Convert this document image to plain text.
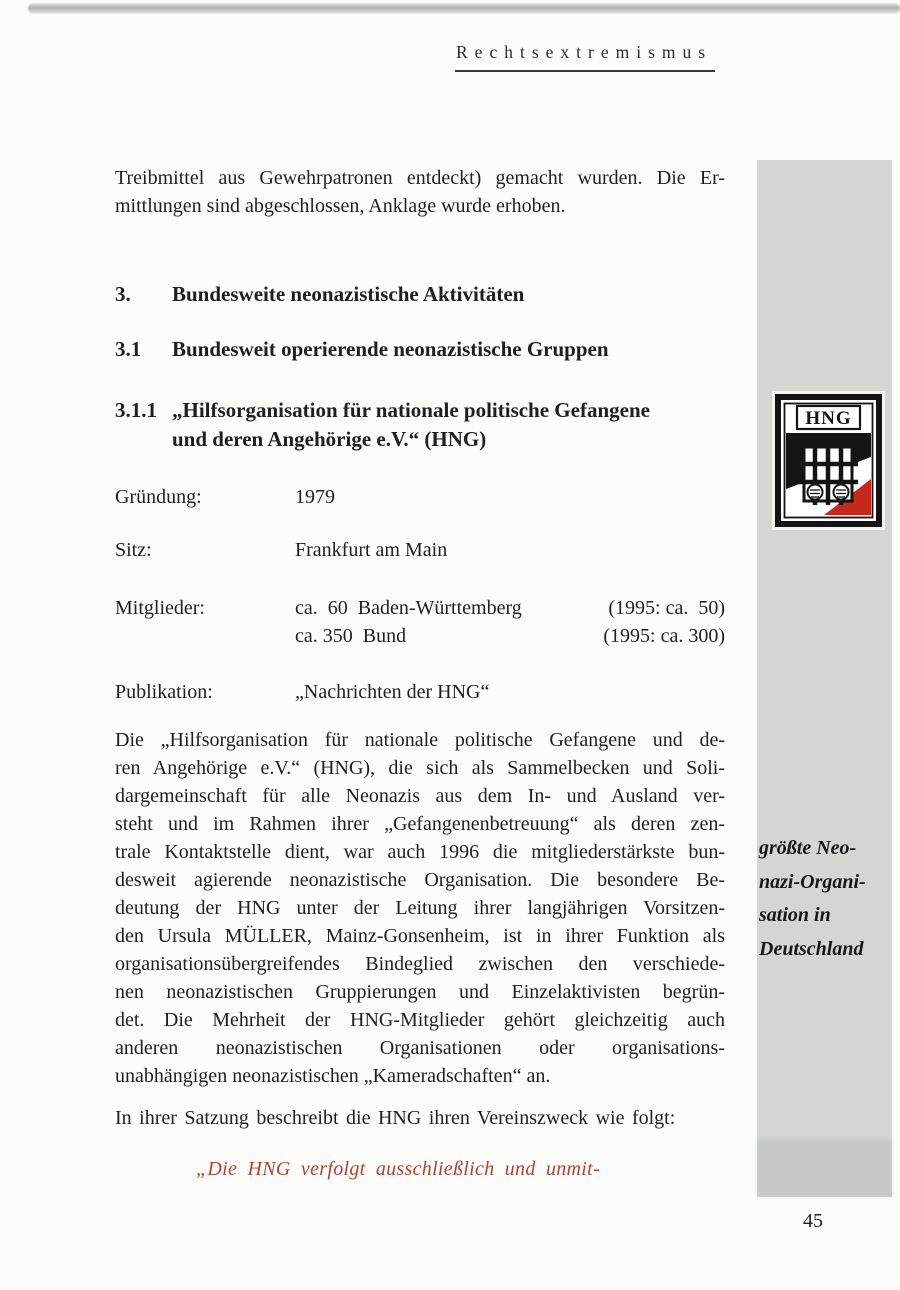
Rechtsextremismus
Treibmittel aus Gewehrpatronen entdeckt) gemacht wurden. Die Er-
mittlungen sind abgeschlossen, Anklage wurde erhoben.
3.	Bundesweite neonazistische Aktivitäten
3.1	Bundesweit operierende neonazistische Gruppen
3.1.1 „Hilfsorganisation für nationale politische Gefangene
und deren Angehörige e.V.“ (HNG)
Gründung:	1979
Sitz:	Frankfurt am Main
Mitglieder:	ca.  60  Baden-Württemberg	(1995: ca.  50)
ca. 350  Bund	(1995: ca. 300)
Publikation:	„Nachrichten der HNG“
Die „Hilfsorganisation für nationale politische Gefangene und de-
ren Angehörige e.V.“ (HNG), die sich als Sammelbecken und Soli-
dargemeinschaft für alle Neonazis aus dem In- und Ausland ver-
steht und im Rahmen ihrer „Gefangenenbetreuung“ als deren zen-
trale Kontaktstelle dient, war auch 1996 die mitgliederstärkste bun-
desweit agierende neonazistische Organisation. Die besondere Be-
deutung der HNG unter der Leitung ihrer langjährigen Vorsitzen-
den Ursula MÜLLER, Mainz-Gonsenheim, ist in ihrer Funktion als
organisationsübergreifendes Bindeglied zwischen den verschiede-
nen neonazistischen Gruppierungen und Einzelaktivisten begrün-
det. Die Mehrheit der HNG-Mitglieder gehört gleichzeitig auch
anderen neonazistischen Organisationen oder organisations-
unabhängigen neonazistischen „Kameradschaften“ an.
In ihrer Satzung beschreibt die HNG ihren Vereinszweck wie folgt:
„Die HNG verfolgt ausschließlich und unmit-
größte Neo-
nazi-Organi-
sation in
Deutschland
HNG
45
